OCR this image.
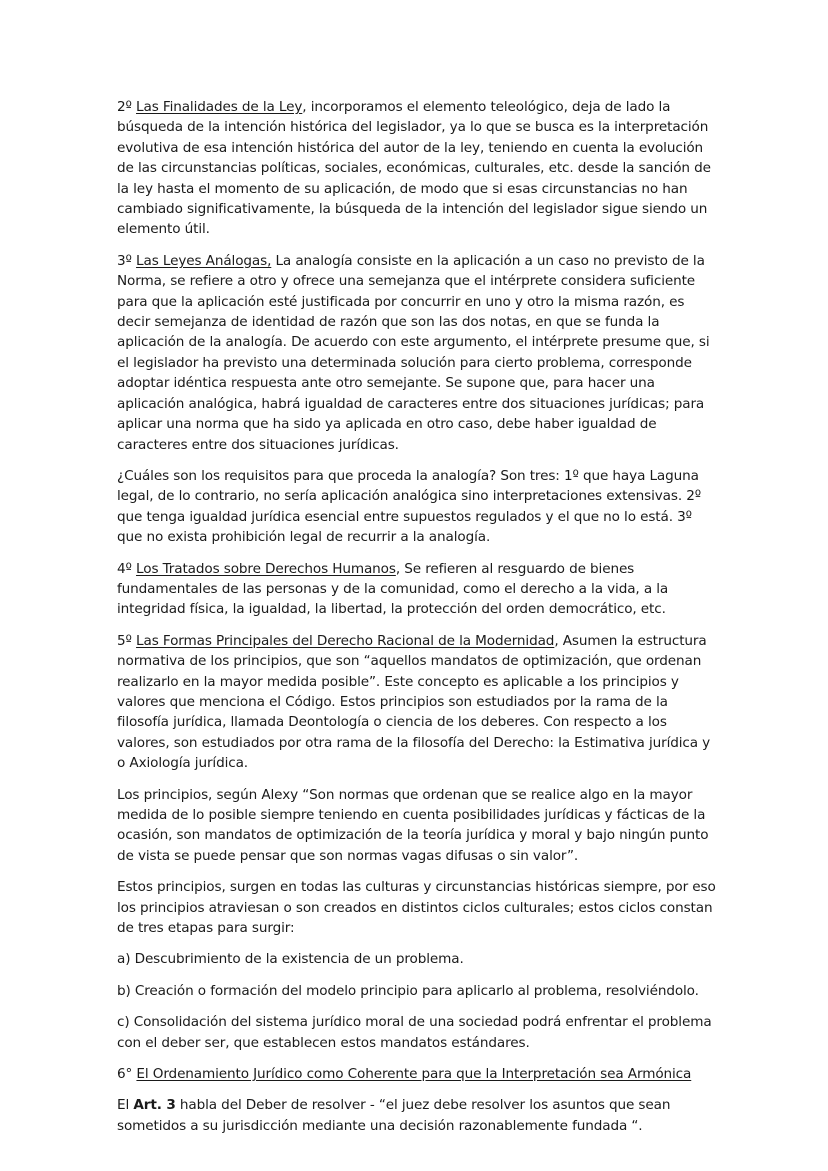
2º Las Finalidades de la Ley, incorporamos el elemento teleológico, deja de lado la búsqueda de la intención histórica del legislador, ya lo que se busca es la interpretación evolutiva de esa intención histórica del autor de la ley, teniendo en cuenta la evolución de las circunstancias políticas, sociales, económicas, culturales, etc. desde la sanción de la ley hasta el momento de su aplicación, de modo que si esas circunstancias no han cambiado significativamente, la búsqueda de la intención del legislador sigue siendo un elemento útil.

3º Las Leyes Análogas, La analogía consiste en la aplicación a un caso no previsto de la Norma, se refiere a otro y ofrece una semejanza que el intérprete considera suficiente para que la aplicación esté justificada por concurrir en uno y otro la misma razón, es decir semejanza de identidad de razón que son las dos notas, en que se funda la aplicación de la analogía. De acuerdo con este argumento, el intérprete presume que, si el legislador ha previsto una determinada solución para cierto problema, corresponde adoptar idéntica respuesta ante otro semejante. Se supone que, para hacer una aplicación analógica, habrá igualdad de caracteres entre dos situaciones jurídicas; para aplicar una norma que ha sido ya aplicada en otro caso, debe haber igualdad de caracteres entre dos situaciones jurídicas.

¿Cuáles son los requisitos para que proceda la analogía? Son tres: 1º que haya Laguna legal, de lo contrario, no sería aplicación analógica sino interpretaciones extensivas. 2º que tenga igualdad jurídica esencial entre supuestos regulados y el que no lo está. 3º que no exista prohibición legal de recurrir a la analogía.

4º Los Tratados sobre Derechos Humanos, Se refieren al resguardo de bienes fundamentales de las personas y de la comunidad, como el derecho a la vida, a la integridad física, la igualdad, la libertad, la protección del orden democrático, etc.

5º Las Formas Principales del Derecho Racional de la Modernidad, Asumen la estructura normativa de los principios, que son “aquellos mandatos de optimización, que ordenan realizarlo en la mayor medida posible”. Este concepto es aplicable a los principios y valores que menciona el Código. Estos principios son estudiados por la rama de la filosofía jurídica, llamada Deontología o ciencia de los deberes. Con respecto a los valores, son estudiados por otra rama de la filosofía del Derecho: la Estimativa jurídica y o Axiología jurídica.

Los principios, según Alexy “Son normas que ordenan que se realice algo en la mayor medida de lo posible siempre teniendo en cuenta posibilidades jurídicas y fácticas de la ocasión, son mandatos de optimización de la teoría jurídica y moral y bajo ningún punto de vista se puede pensar que son normas vagas difusas o sin valor”.

Estos principios, surgen en todas las culturas y circunstancias históricas siempre, por eso los principios atraviesan o son creados en distintos ciclos culturales; estos ciclos constan de tres etapas para surgir:

a) Descubrimiento de la existencia de un problema.

b) Creación o formación del modelo principio para aplicarlo al problema, resolviéndolo.

c) Consolidación del sistema jurídico moral de una sociedad podrá enfrentar el problema con el deber ser, que establecen estos mandatos estándares.

6° El Ordenamiento Jurídico como Coherente para que la Interpretación sea Armónica

El Art. 3 habla del Deber de resolver - “el juez debe resolver los asuntos que sean sometidos a su jurisdicción mediante una decisión razonablemente fundada “.
